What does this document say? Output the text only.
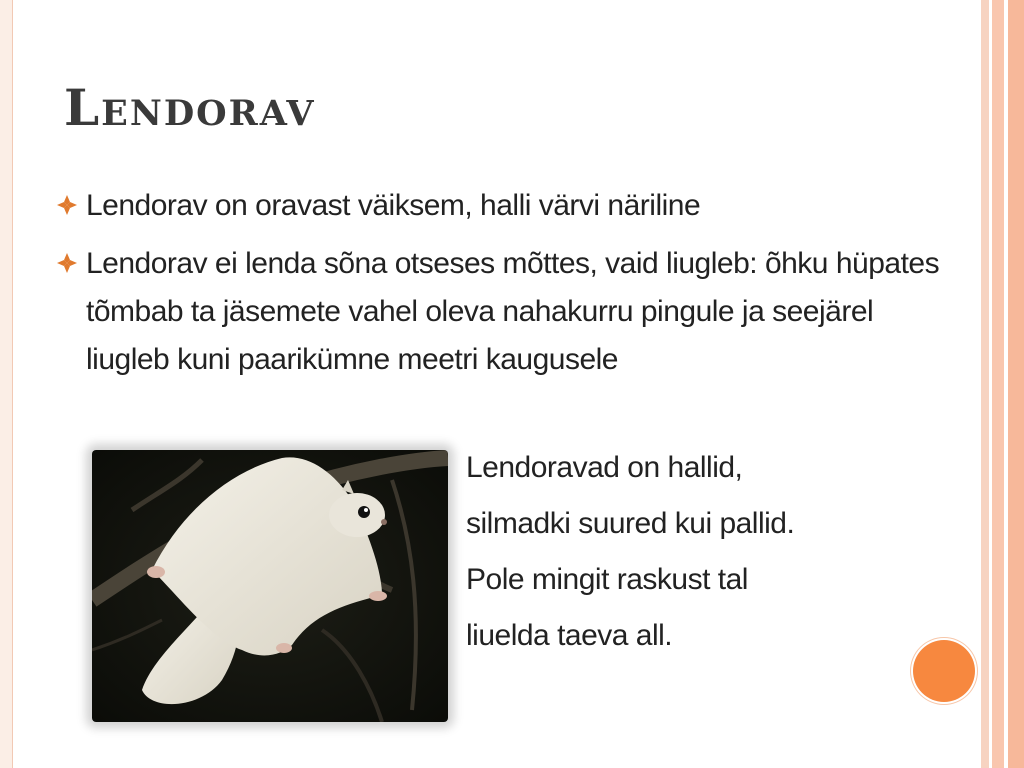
Lendorav
Lendorav on oravast väiksem, halli värvi näriline
Lendorav ei lenda sõna otseses mõttes, vaid liugleb: õhku hüpates tõmbab ta jäsemete vahel oleva nahakurru pingule ja seejärel liugleb kuni paarikümne meetri kaugusele
Lendoravad on hallid,
silmadki suured kui pallid.
Pole mingit raskust tal
liuelda taeva all.
